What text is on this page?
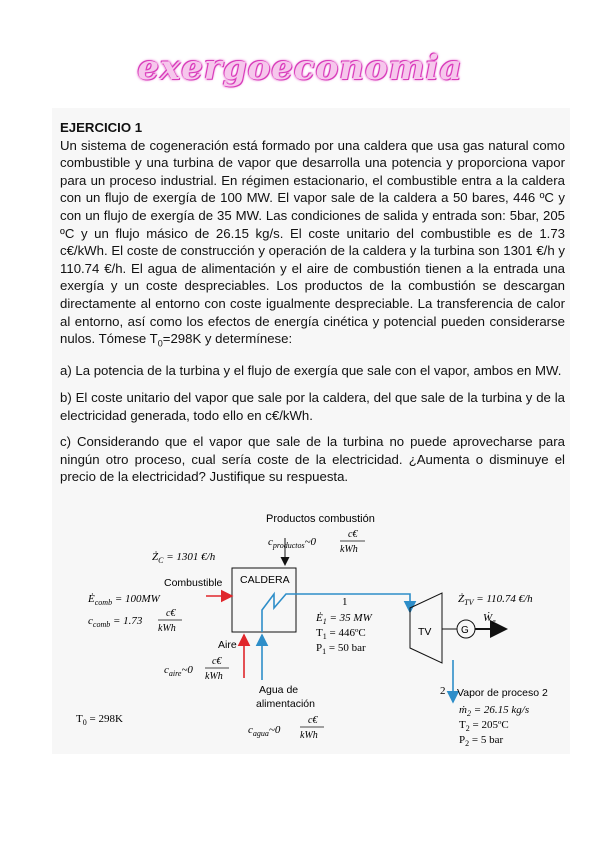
exergoeconomia

EJERCICIO 1

Un sistema de cogeneración está formado por una caldera que usa gas natural como combustible y una turbina de vapor que desarrolla una potencia y proporciona vapor para un proceso industrial. En régimen estacionario, el combustible entra a la caldera con un flujo de exergía de 100 MW. El vapor sale de la caldera a 50 bares, 446 ºC y con un flujo de exergía de 35 MW. Las condiciones de salida y entrada son: 5bar, 205 ºC y un flujo másico de 26.15 kg/s. El coste unitario del combustible es de 1.73 c€/kWh. El coste de construcción y operación de la caldera y la turbina son 1301 €/h y 110.74 €/h. El agua de alimentación y el aire de combustión tienen a la entrada una exergía y un coste despreciables. Los productos de la combustión se descargan directamente al entorno con coste igualmente despreciable. La transferencia de calor al entorno, así como los efectos de energía cinética y potencial pueden considerarse nulos. Tómese $T_0=298K$ y determínese:

a) La potencia de la turbina y el flujo de exergía que sale con el vapor, ambos en MW.

b) El coste unitario del vapor que sale por la caldera, del que sale de la turbina y de la electricidad generada, todo ello en c€/kWh.

c) Considerando que el vapor que sale de la turbina no puede aprovecharse para ningún otro proceso, cual sería coste de la electricidad. ¿Aumenta o disminuye el precio de la electricidad? Justifique su respuesta.

Productos combustión
$c_{productos}\sim 0$
c€
kWh
$Ż_C = 1301$ €/h
CALDERA
Combustible
$Ė_{comb} = 100MW$
$c_{comb} = 1.73$
c€
kWh
Aire
$c_{aire}\sim 0$
c€
kWh
Agua de
alimentación
$c_{agua}\sim 0$
c€
kWh
1
$Ė_1 = 35$ MW
$T_1$ = 446ºC
$P_1 = 50$ bar
TV	G
Ẇ$_e$
$Ż_{TV} = 110.74$ €/h
2 Vapor de proceso 2
ṁ$_2$ = 26.15 kg/s
$T_2$ = 205ºC
$P_2 = 5$ bar
$T_0 = 298K$
